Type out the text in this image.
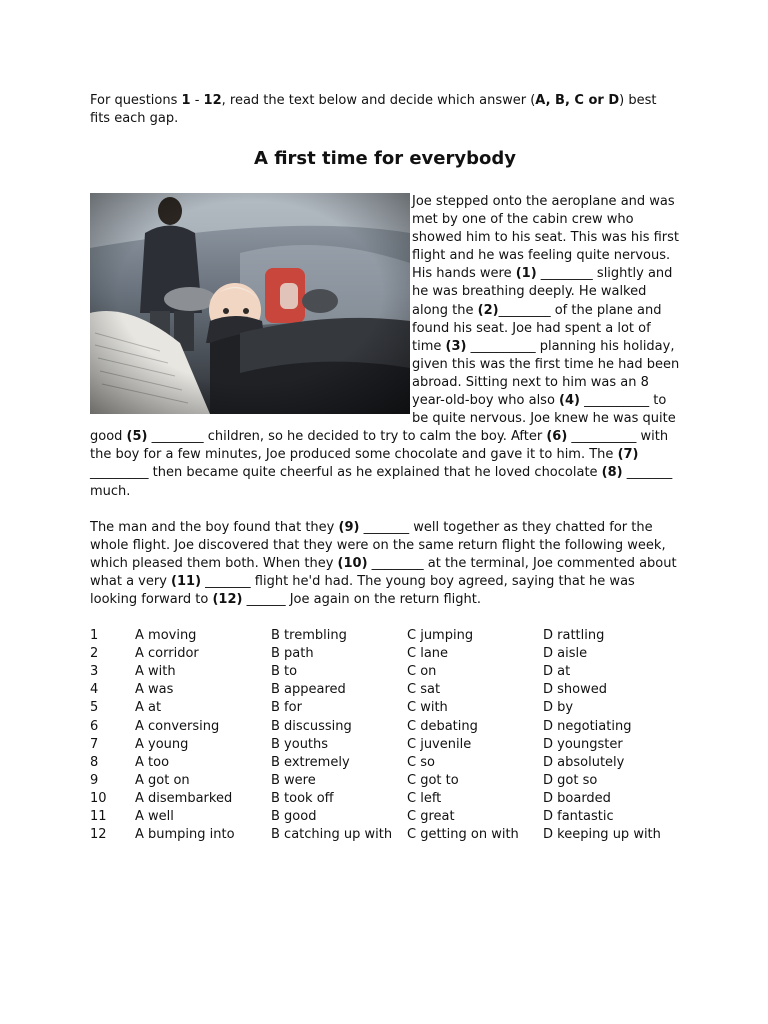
For questions 1 - 12, read the text below and decide which answer (A, B, C or D) best fits each gap.

A first time for everybody

Joe stepped onto the aeroplane and was met by one of the cabin crew who showed him to his seat. This was his first flight and he was feeling quite nervous. His hands were (1) ________ slightly and he was breathing deeply. He walked along the (2)________ of the plane and found his seat. Joe had spent a lot of time (3) __________ planning his holiday, given this was the first time he had been abroad. Sitting next to him was an 8 year-old-boy who also (4) __________ to be quite nervous. Joe knew he was quite good (5) ________ children, so he decided to try to calm the boy. After (6) __________ with the boy for a few minutes, Joe produced some chocolate and gave it to him. The (7) _________ then became quite cheerful as he explained that he loved chocolate (8) _______ much.

The man and the boy found that they (9) _______ well together as they chatted for the whole flight. Joe discovered that they were on the same return flight the following week, which pleased them both. When they (10) ________ at the terminal, Joe commented about what a very (11) _______ flight he'd had. The young boy agreed, saying that he was looking forward to (12) ______ Joe again on the return flight.

1	A moving	B trembling	C jumping	D rattling
2	A corridor	B path	C lane	D aisle
3	A with	B to	C on	D at
4	A was	B appeared	C sat	D showed
5	A at	B for	C with	D by
6	A conversing	B discussing	C debating	D negotiating
7	A young	B youths	C juvenile	D youngster
8	A too	B extremely	C so	D absolutely
9	A got on	B were	C got to	D got so
10	A disembarked	B took off	C left	D boarded
11	A well	B good	C great	D fantastic
12	A bumping into	B catching up with	C getting on with	D keeping up with
